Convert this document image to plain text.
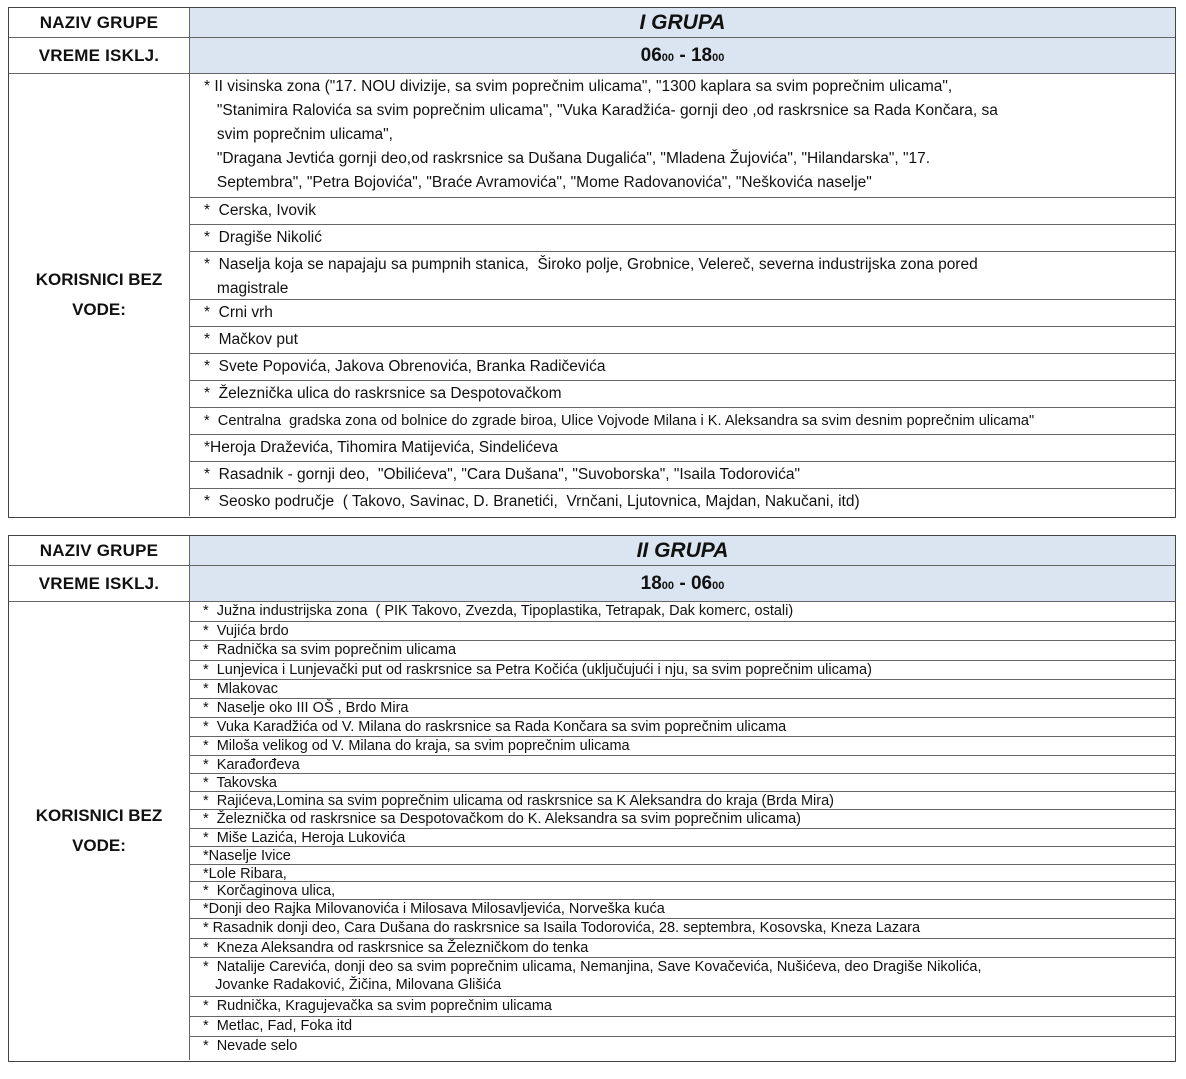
NAZIV GRUPE	I GRUPA
VREME ISKLJ.	06 00 - 18 00
KORISNICI BEZ
VODE:
* II visinska zona ("17. NOU divizije, sa svim poprečnim ulicama", "1300 kaplara sa svim poprečnim ulicama",
"Stanimira Ralovića sa svim poprečnim ulicama", "Vuka Karadžića- gornji deo ,od raskrsnice sa Rada Končara, sa
svim poprečnim ulicama",
"Dragana Jevtića gornji deo,od raskrsnice sa Dušana Dugalića", "Mladena Žujovića", "Hilandarska", "17.
Septembra", "Petra Bojovića", "Braće Avramovića", "Mome Radovanovića", "Neškovića naselje"
*  Cerska, Ivovik
*  Dragiše Nikolić
*  Naselja koja se napajaju sa pumpnih stanica,  Široko polje, Grobnice, Velereč, severna industrijska zona pored
magistrale
*  Crni vrh
*  Mačkov put
*  Svete Popovića, Jakova Obrenovića, Branka Radičevića
*  Železnička ulica do raskrsnice sa Despotovačkom
*  Centralna  gradska zona od bolnice do zgrade biroa, Ulice Vojvode Milana i K. Aleksandra sa svim desnim poprečnim ulicama"
*Heroja Draževića, Tihomira Matijevića, Sindelićeva
*  Rasadnik - gornji deo,  "Obilićeva", "Cara Dušana", "Suvoborska", "Isaila Todorovića"
*  Seosko područje  ( Takovo, Savinac, D. Branetići,  Vrnčani, Ljutovnica, Majdan, Nakučani, itd)
NAZIV GRUPE	II GRUPA
VREME ISKLJ.	18 00 - 06 00
KORISNICI BEZ
VODE:
*  Južna industrijska zona  ( PIK Takovo, Zvezda, Tipoplastika, Tetrapak, Dak komerc, ostali)
*  Vujića brdo
*  Radnička sa svim poprečnim ulicama
*  Lunjevica i Lunjevački put od raskrsnice sa Petra Kočića (uključujući i nju, sa svim poprečnim ulicama)
*  Mlakovac
*  Naselje oko III OŠ , Brdo Mira
*  Vuka Karadžića od V. Milana do raskrsnice sa Rada Končara sa svim poprečnim ulicama
*  Miloša velikog od V. Milana do kraja, sa svim poprečnim ulicama
*  Karađorđeva
*  Takovska
*  Rajićeva,Lomina sa svim poprečnim ulicama od raskrsnice sa K Aleksandra do kraja (Brda Mira)
*  Železnička od raskrsnice sa Despotovačkom do K. Aleksandra sa svim poprečnim ulicama)
*  Miše Lazića, Heroja Lukovića
*Naselje Ivice
*Lole Ribara,
*  Korčaginova ulica,
*Donji deo Rajka Milovanovića i Milosava Milosavljevića, Norveška kuća
* Rasadnik donji deo, Cara Dušana do raskrsnice sa Isaila Todorovića, 28. septembra, Kosovska, Kneza Lazara
*  Kneza Aleksandra od raskrsnice sa Železničkom do tenka
*  Natalije Carevića, donji deo sa svim poprečnim ulicama, Nemanjina, Save Kovačevića, Nušićeva, deo Dragiše Nikolića,
Jovanke Radaković, Žičina, Milovana Glišića
*  Rudnička, Kragujevačka sa svim poprečnim ulicama
*  Metlac, Fad, Foka itd
*  Nevade selo
